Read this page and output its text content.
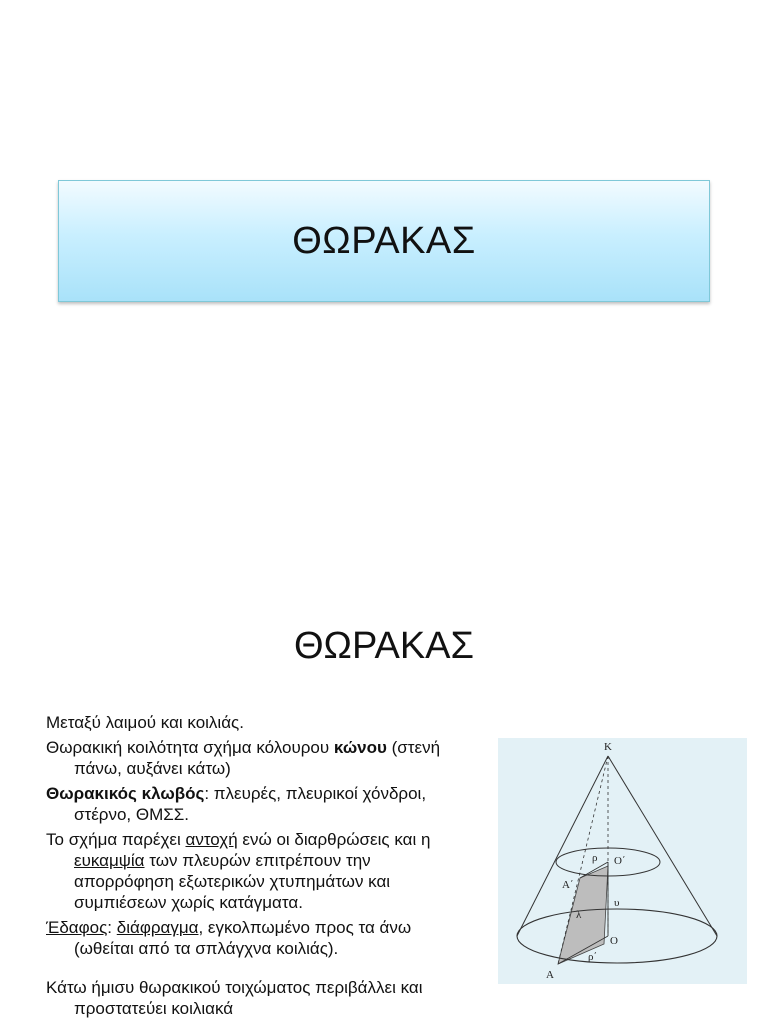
ΘΩΡΑΚΑΣ
ΘΩΡΑΚΑΣ

Μεταξύ λαιμού και κοιλιάς.

Θωρακική κοιλότητα σχήμα κόλουρου κώνου (στενή πάνω, αυξάνει κάτω)

Θωρακικός κλωβός: πλευρές, πλευρικοί χόνδροι, στέρνο, ΘΜΣΣ.

Το σχήμα παρέχει αντοχή ενώ οι διαρθρώσεις και η ευκαμψία των πλευρών επιτρέπουν την απορρόφηση εξωτερικών χτυπημάτων και συμπιέσεων χωρίς κατάγματα.

Έδαφος: διάφραγμα, εγκολπωμένο προς τα άνω (ωθείται από τα σπλάγχνα κοιλιάς).

Κάτω ήμισυ θωρακικού τοιχώματος περιβάλλει και προστατεύει κοιλιακά

K
O΄
A΄
ρ
λ
υ
O
A
ρ΄
